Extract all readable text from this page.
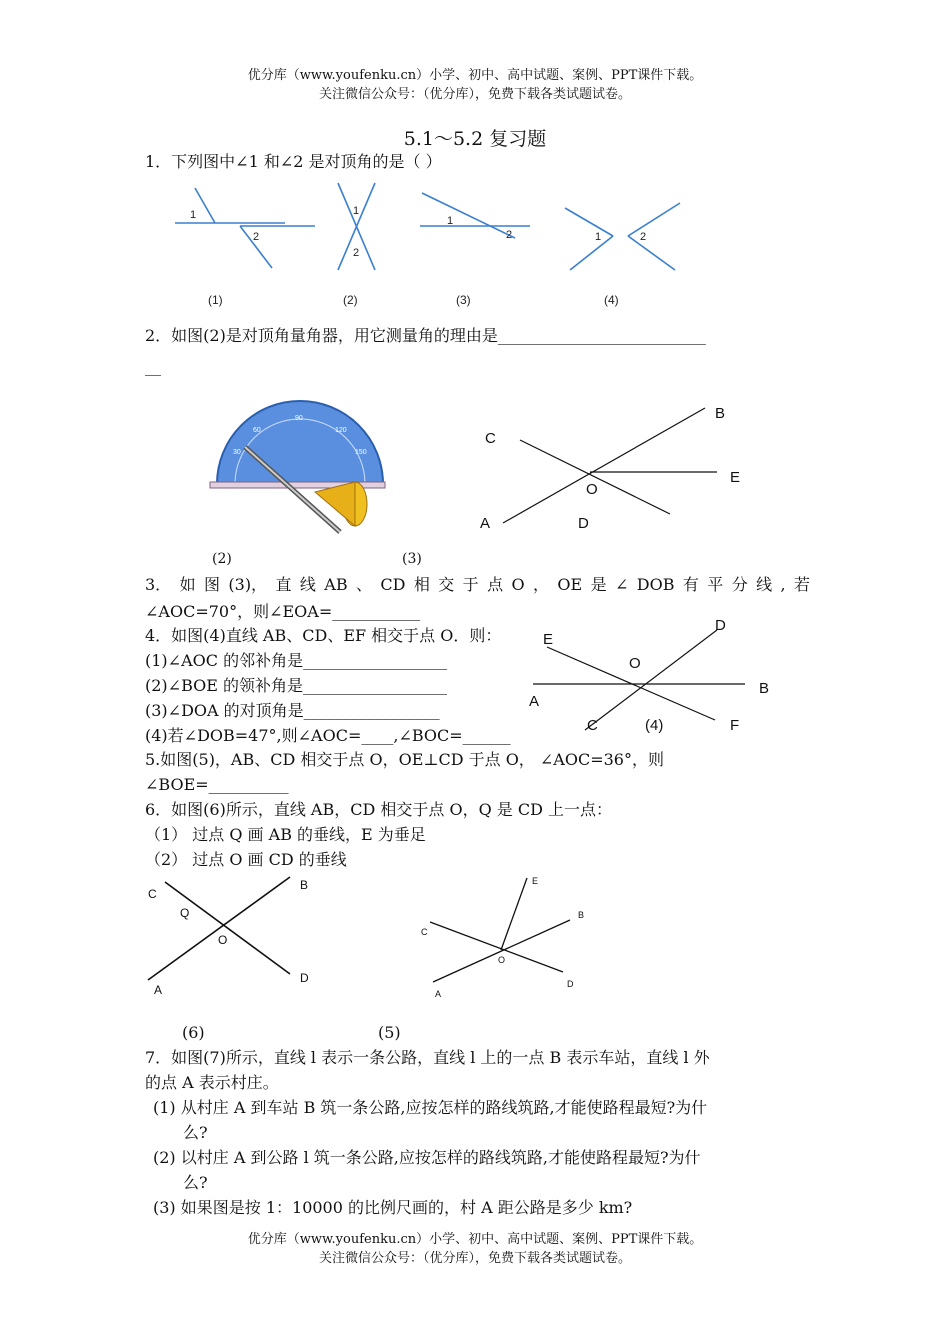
优分库（www.youfenku.cn）小学、初中、高中试题、案例、PPT课件下载。
关注微信公众号：（优分库），免费下载各类试题试卷。
5.1～5.2 复习题
1．下列图中∠1 和∠2 是对顶角的是（ ）
1
2
1
2
1
2	1	2
(1)	(2)	(3)	(4)
2．如图(2)是对顶角量角器，用它测量角的理由是__________________________
__
60
90
120
30	150
B
C
E
O
A	D
(2)	(3)
3． 如 图 (3)， 直 线 AB 、 CD 相 交 于 点 O ， OE 是 ∠ DOB 有 平 分 线 , 若
∠AOC=70°，则∠EOA=___________
4．如图(4)直线 AB、CD、EF 相交于点 O．则：
(1)∠AOC 的邻补角是__________________
(2)∠BOE 的领补角是__________________
(3)∠DOA 的对顶角是_________________
(4)若∠DOB=47°,则∠AOC=____,∠BOC=______
E
D
O
A
B
C	(4)	F
5.如图(5)，AB、CD 相交于点 O，OE⊥CD 于点 O， ∠AOC=36°，则
∠BOE=__________
6．如图(6)所示，直线 AB，CD 相交于点 O，Q 是 CD 上一点：
（1） 过点 Q 画 AB 的垂线，E 为垂足
（2） 过点 O 画 CD 的垂线
C
Q
O
B
A
D
E
B
C
O
A
D
(6)	(5)
7．如图(7)所示，直线 l 表示一条公路，直线 l 上的一点 B 表示车站，直线 l 外
的点 A 表示村庄。
(1) 从村庄 A 到车站 B 筑一条公路,应按怎样的路线筑路,才能使路程最短?为什
么?
(2) 以村庄 A 到公路 l 筑一条公路,应按怎样的路线筑路,才能使路程最短?为什
么?
(3) 如果图是按 1：10000 的比例尺画的，村 A 距公路是多少 km?
优分库（www.youfenku.cn）小学、初中、高中试题、案例、PPT课件下载。
关注微信公众号：（优分库），免费下载各类试题试卷。
